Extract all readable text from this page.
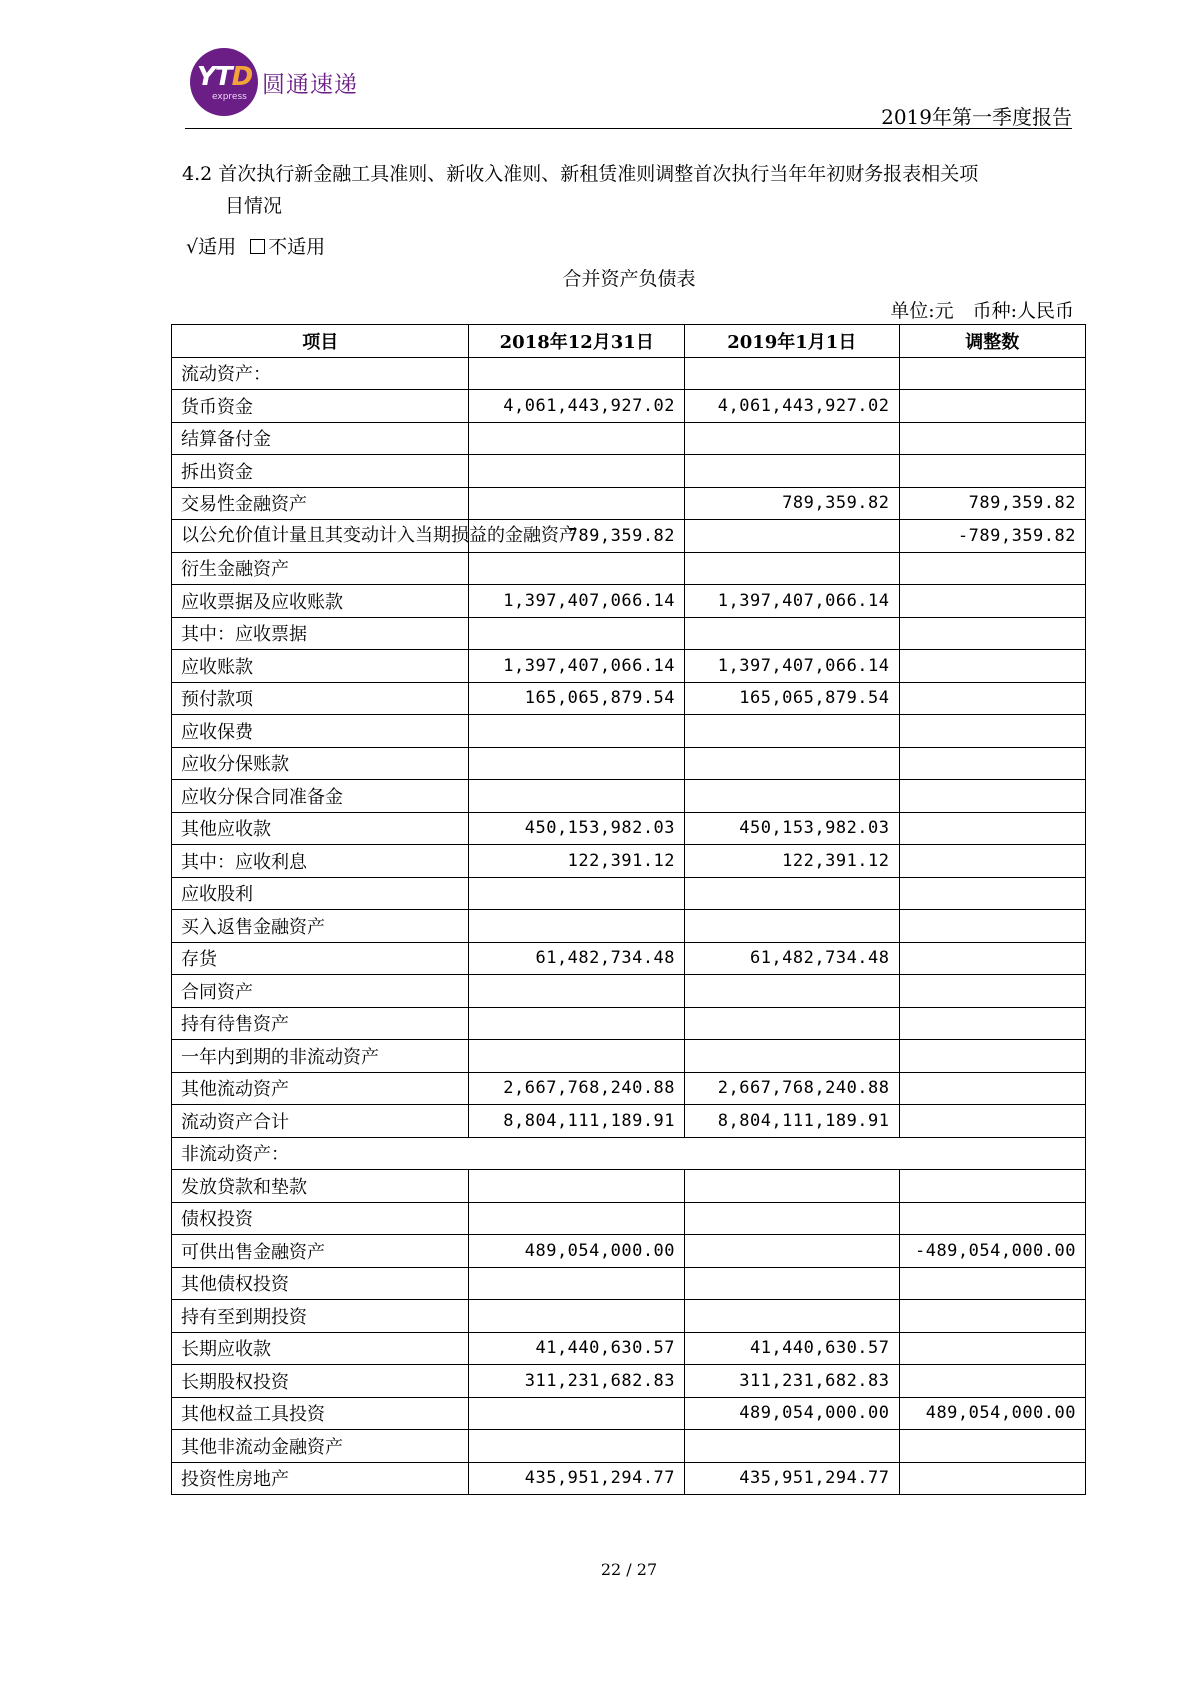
YTD
express 圆通速递
2019年第一季度报告
4.2 首次执行新金融工具准则、新收入准则、新租赁准则调整首次执行当年年初财务报表相关项
目情况
√适用 不适用
合并资产负债表
单位:元　币种:人民币
项目	2018年12月31日	2019年1月1日	调整数
流动资产：			
货币资金	4,061,443,927.02	4,061,443,927.02	
结算备付金			
拆出资金			
交易性金融资产		789,359.82	789,359.82
以公允价值计量且其变动计入当期损益的金融资产	789,359.82		-789,359.82
衍生金融资产			
应收票据及应收账款	1,397,407,066.14	1,397,407,066.14	
其中：应收票据			
应收账款	1,397,407,066.14	1,397,407,066.14	
预付款项	165,065,879.54	165,065,879.54	
应收保费			
应收分保账款			
应收分保合同准备金			
其他应收款	450,153,982.03	450,153,982.03	
其中：应收利息	122,391.12	122,391.12	
应收股利			
买入返售金融资产			
存货	61,482,734.48	61,482,734.48	
合同资产			
持有待售资产			
一年内到期的非流动资产			
其他流动资产	2,667,768,240.88	2,667,768,240.88	
流动资产合计	8,804,111,189.91	8,804,111,189.91	
非流动资产：			
发放贷款和垫款			
债权投资			
可供出售金融资产	489,054,000.00		-489,054,000.00
其他债权投资			
持有至到期投资			
长期应收款	41,440,630.57	41,440,630.57	
长期股权投资	311,231,682.83	311,231,682.83	
其他权益工具投资		489,054,000.00	489,054,000.00
其他非流动金融资产			
投资性房地产	435,951,294.77	435,951,294.77	
22 / 27
